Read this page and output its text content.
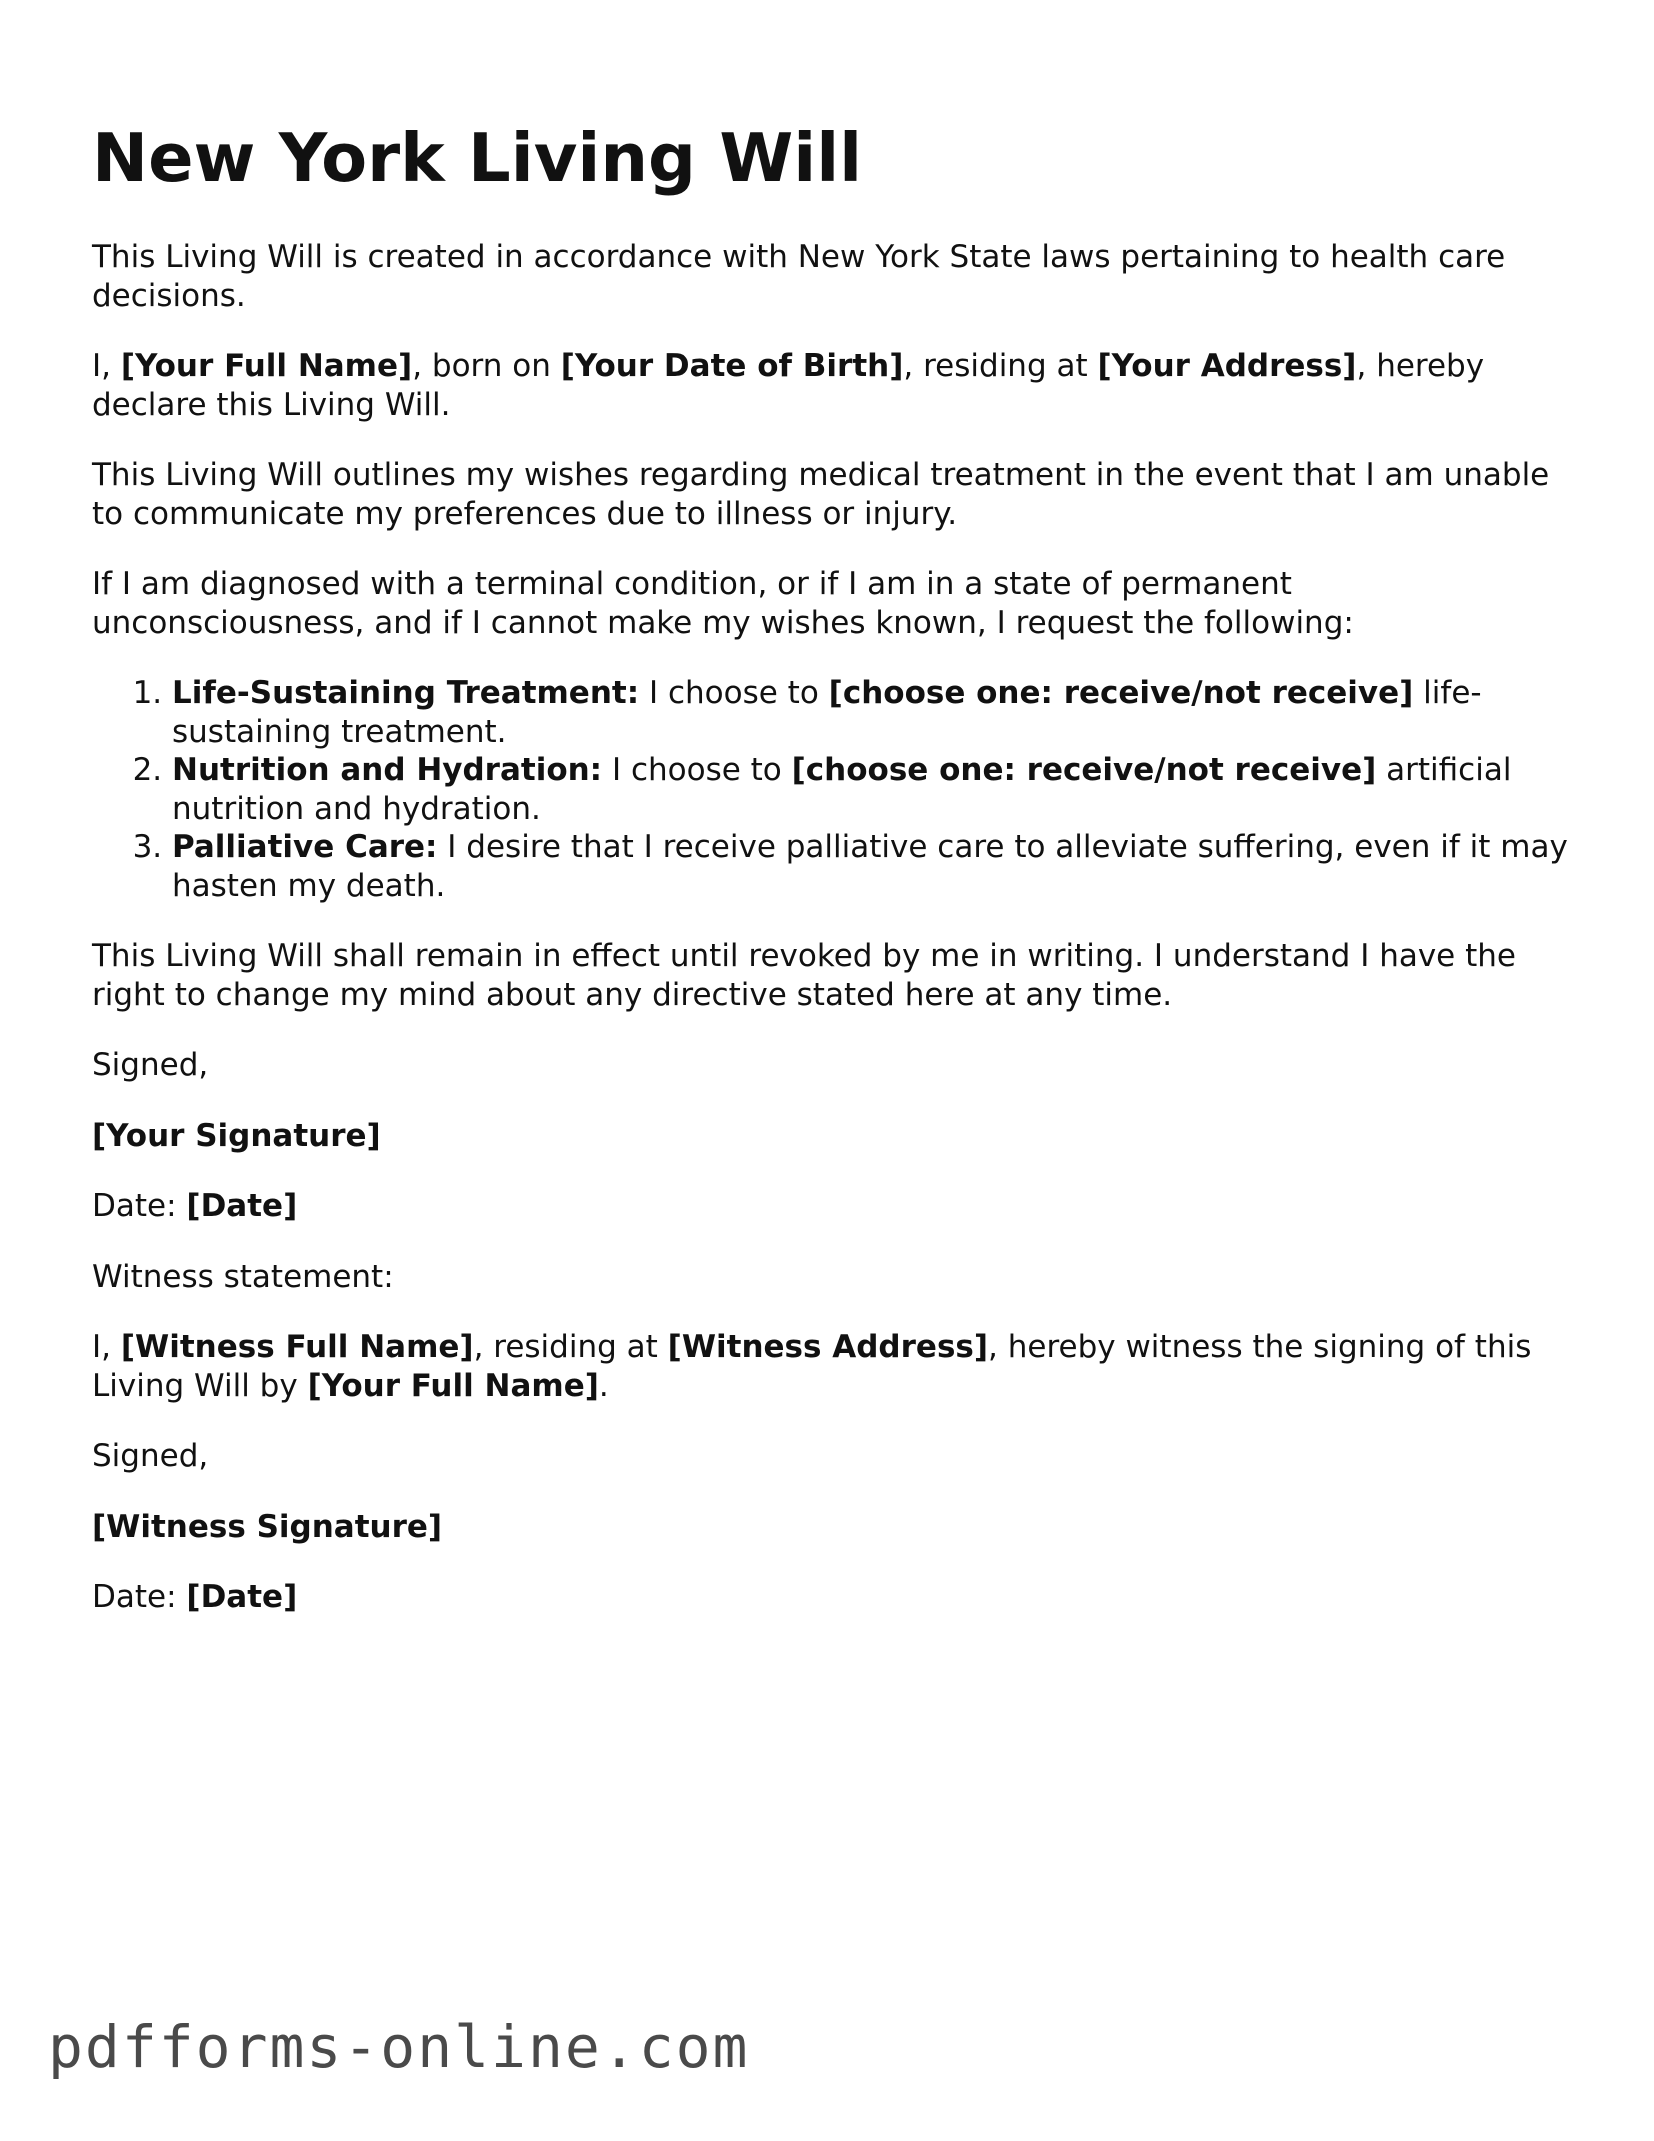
New York Living Will

This Living Will is created in accordance with New York State laws pertaining to health care decisions.

I, [Your Full Name], born on [Your Date of Birth], residing at [Your Address], hereby declare this Living Will.

This Living Will outlines my wishes regarding medical treatment in the event that I am unable to communicate my preferences due to illness or injury.

If I am diagnosed with a terminal condition, or if I am in a state of permanent unconsciousness, and if I cannot make my wishes known, I request the following:

1. Life-Sustaining Treatment: I choose to [choose one: receive/not receive] life-sustaining treatment.
2. Nutrition and Hydration: I choose to [choose one: receive/not receive] artificial nutrition and hydration.
3. Palliative Care: I desire that I receive palliative care to alleviate suffering, even if it may hasten my death.

This Living Will shall remain in effect until revoked by me in writing. I understand I have the right to change my mind about any directive stated here at any time.

Signed,

[Your Signature]

Date: [Date]

Witness statement:

I, [Witness Full Name], residing at [Witness Address], hereby witness the signing of this Living Will by [Your Full Name].

Signed,

[Witness Signature]

Date: [Date]

pdfforms-online.com
